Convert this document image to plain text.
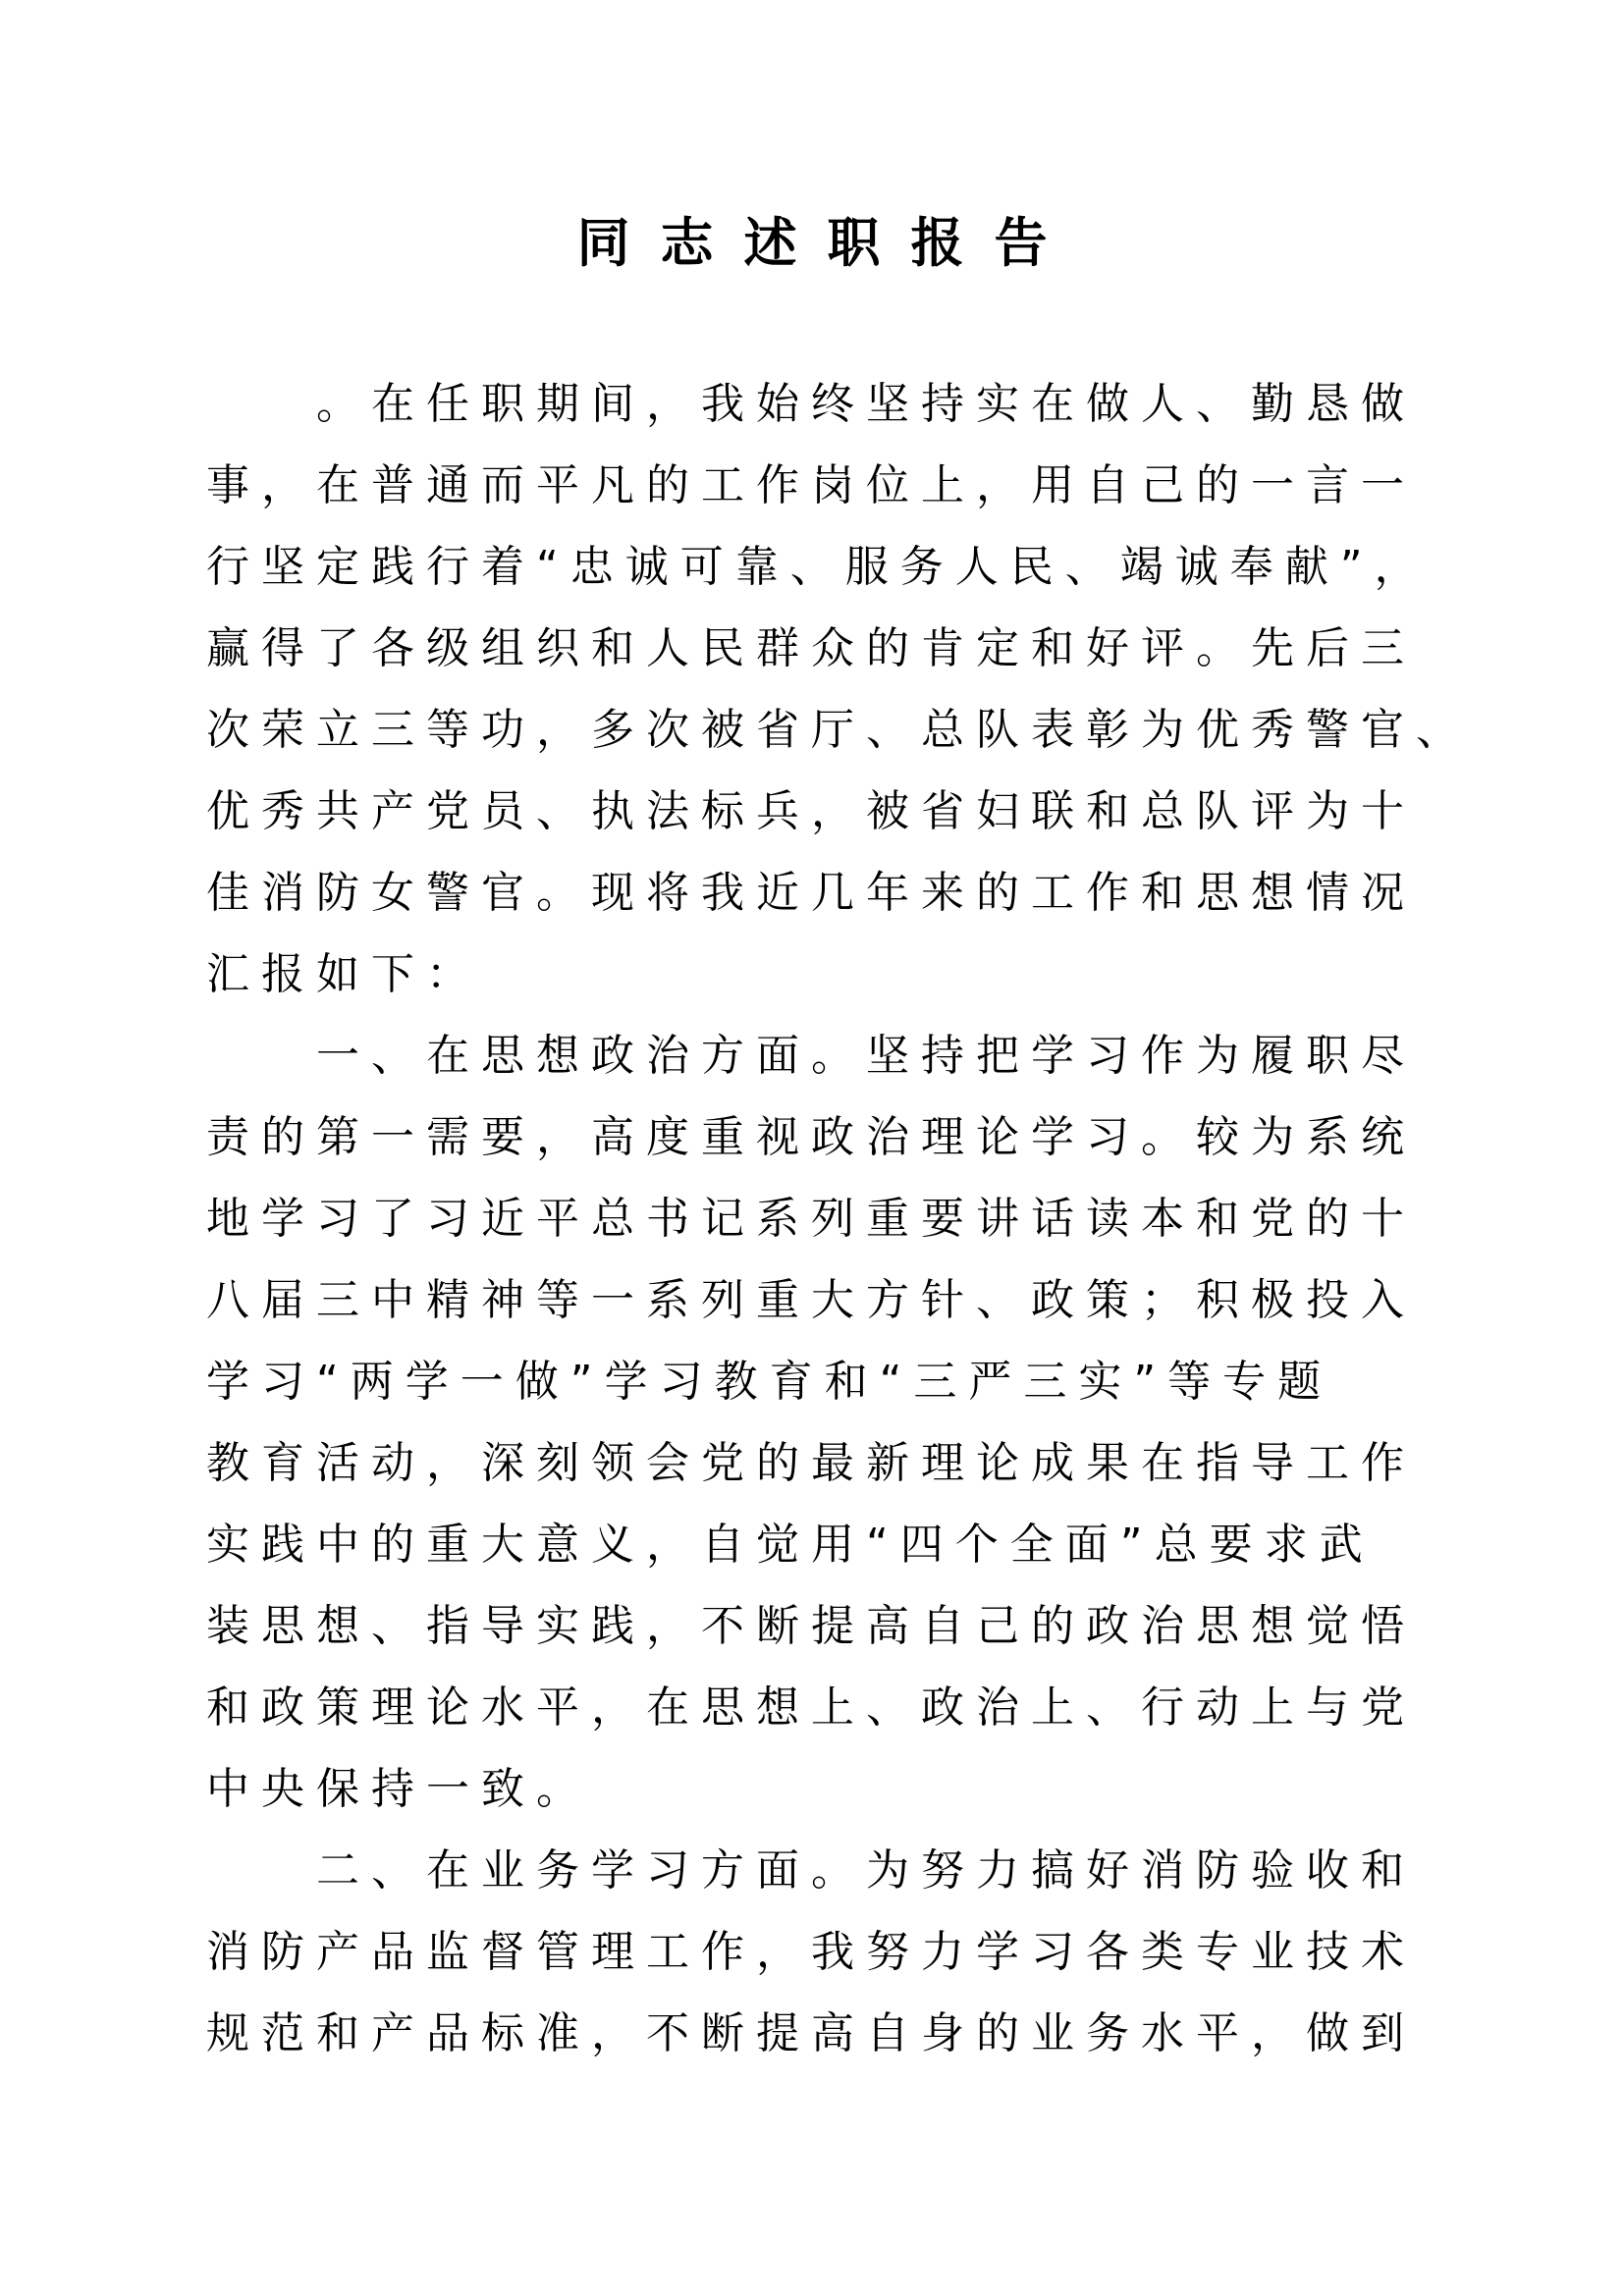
同志述职报告
。在任职期间，我始终坚持实在做人、勤恳做
事，在普通而平凡的工作岗位上，用自己的一言一
行坚定践行着“忠诚可靠、服务人民、竭诚奉献”，
赢得了各级组织和人民群众的肯定和好评。先后三
次荣立三等功，多次被省厅、总队表彰为优秀警官、
优秀共产党员、执法标兵，被省妇联和总队评为十
佳消防女警官。现将我近几年来的工作和思想情况
汇报如下：
一、在思想政治方面。坚持把学习作为履职尽
责的第一需要，高度重视政治理论学习。较为系统
地学习了习近平总书记系列重要讲话读本和党的十
八届三中精神等一系列重大方针、政策；积极投入
学习“两学一做”学习教育和“三严三实”等专题
教育活动，深刻领会党的最新理论成果在指导工作
实践中的重大意义，自觉用“四个全面”总要求武
装思想、指导实践，不断提高自己的政治思想觉悟
和政策理论水平，在思想上、政治上、行动上与党
中央保持一致。
二、在业务学习方面。为努力搞好消防验收和
消防产品监督管理工作，我努力学习各类专业技术
规范和产品标准，不断提高自身的业务水平，做到
